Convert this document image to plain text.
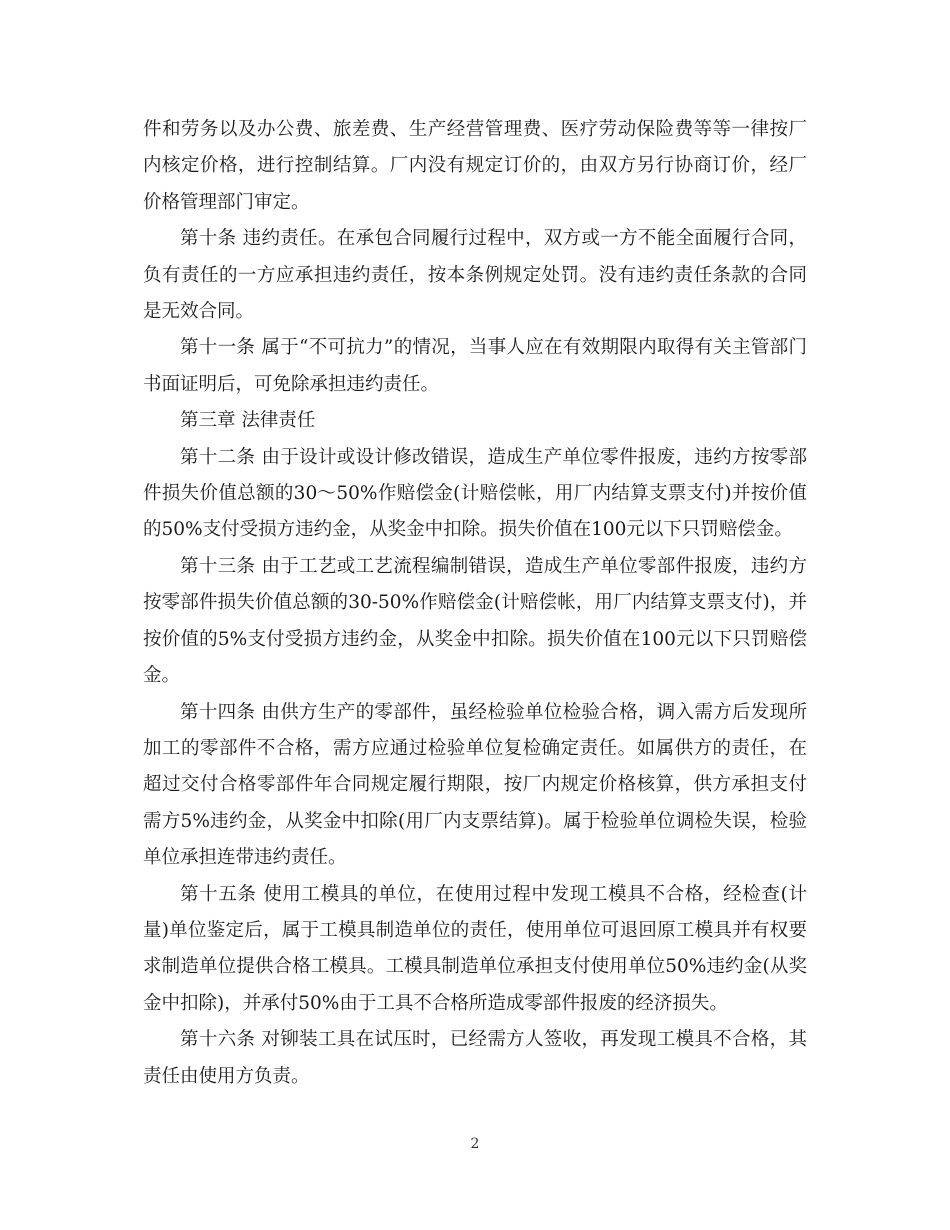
件和劳务以及办公费、旅差费、生产经营管理费、医疗劳动保险费等等一律按厂内核定价格，进行控制结算。厂内没有规定订价的，由双方另行协商订价，经厂价格管理部门审定。

第十条 违约责任。在承包合同履行过程中，双方或一方不能全面履行合同，负有责任的一方应承担违约责任，按本条例规定处罚。没有违约责任条款的合同是无效合同。

第十一条 属于“不可抗力”的情况，当事人应在有效期限内取得有关主管部门书面证明后，可免除承担违约责任。

第三章 法律责任

第十二条 由于设计或设计修改错误，造成生产单位零件报废，违约方按零部件损失价值总额的30～50%作赔偿金(计赔偿帐，用厂内结算支票支付)并按价值的50%支付受损方违约金，从奖金中扣除。损失价值在100元以下只罚赔偿金。

第十三条 由于工艺或工艺流程编制错误，造成生产单位零部件报废，违约方按零部件损失价值总额的30-50%作赔偿金(计赔偿帐，用厂内结算支票支付)，并按价值的5%支付受损方违约金，从奖金中扣除。损失价值在100元以下只罚赔偿金。

第十四条 由供方生产的零部件，虽经检验单位检验合格，调入需方后发现所加工的零部件不合格，需方应通过检验单位复检确定责任。如属供方的责任，在超过交付合格零部件年合同规定履行期限，按厂内规定价格核算，供方承担支付需方5%违约金，从奖金中扣除(用厂内支票结算)。属于检验单位调检失误，检验单位承担连带违约责任。

第十五条 使用工模具的单位，在使用过程中发现工模具不合格，经检查(计量)单位鉴定后，属于工模具制造单位的责任，使用单位可退回原工模具并有权要求制造单位提供合格工模具。工模具制造单位承担支付使用单位50%违约金(从奖金中扣除)，并承付50%由于工具不合格所造成零部件报废的经济损失。

第十六条 对铆装工具在试压时，已经需方人签收，再发现工模具不合格，其责任由使用方负责。

2
